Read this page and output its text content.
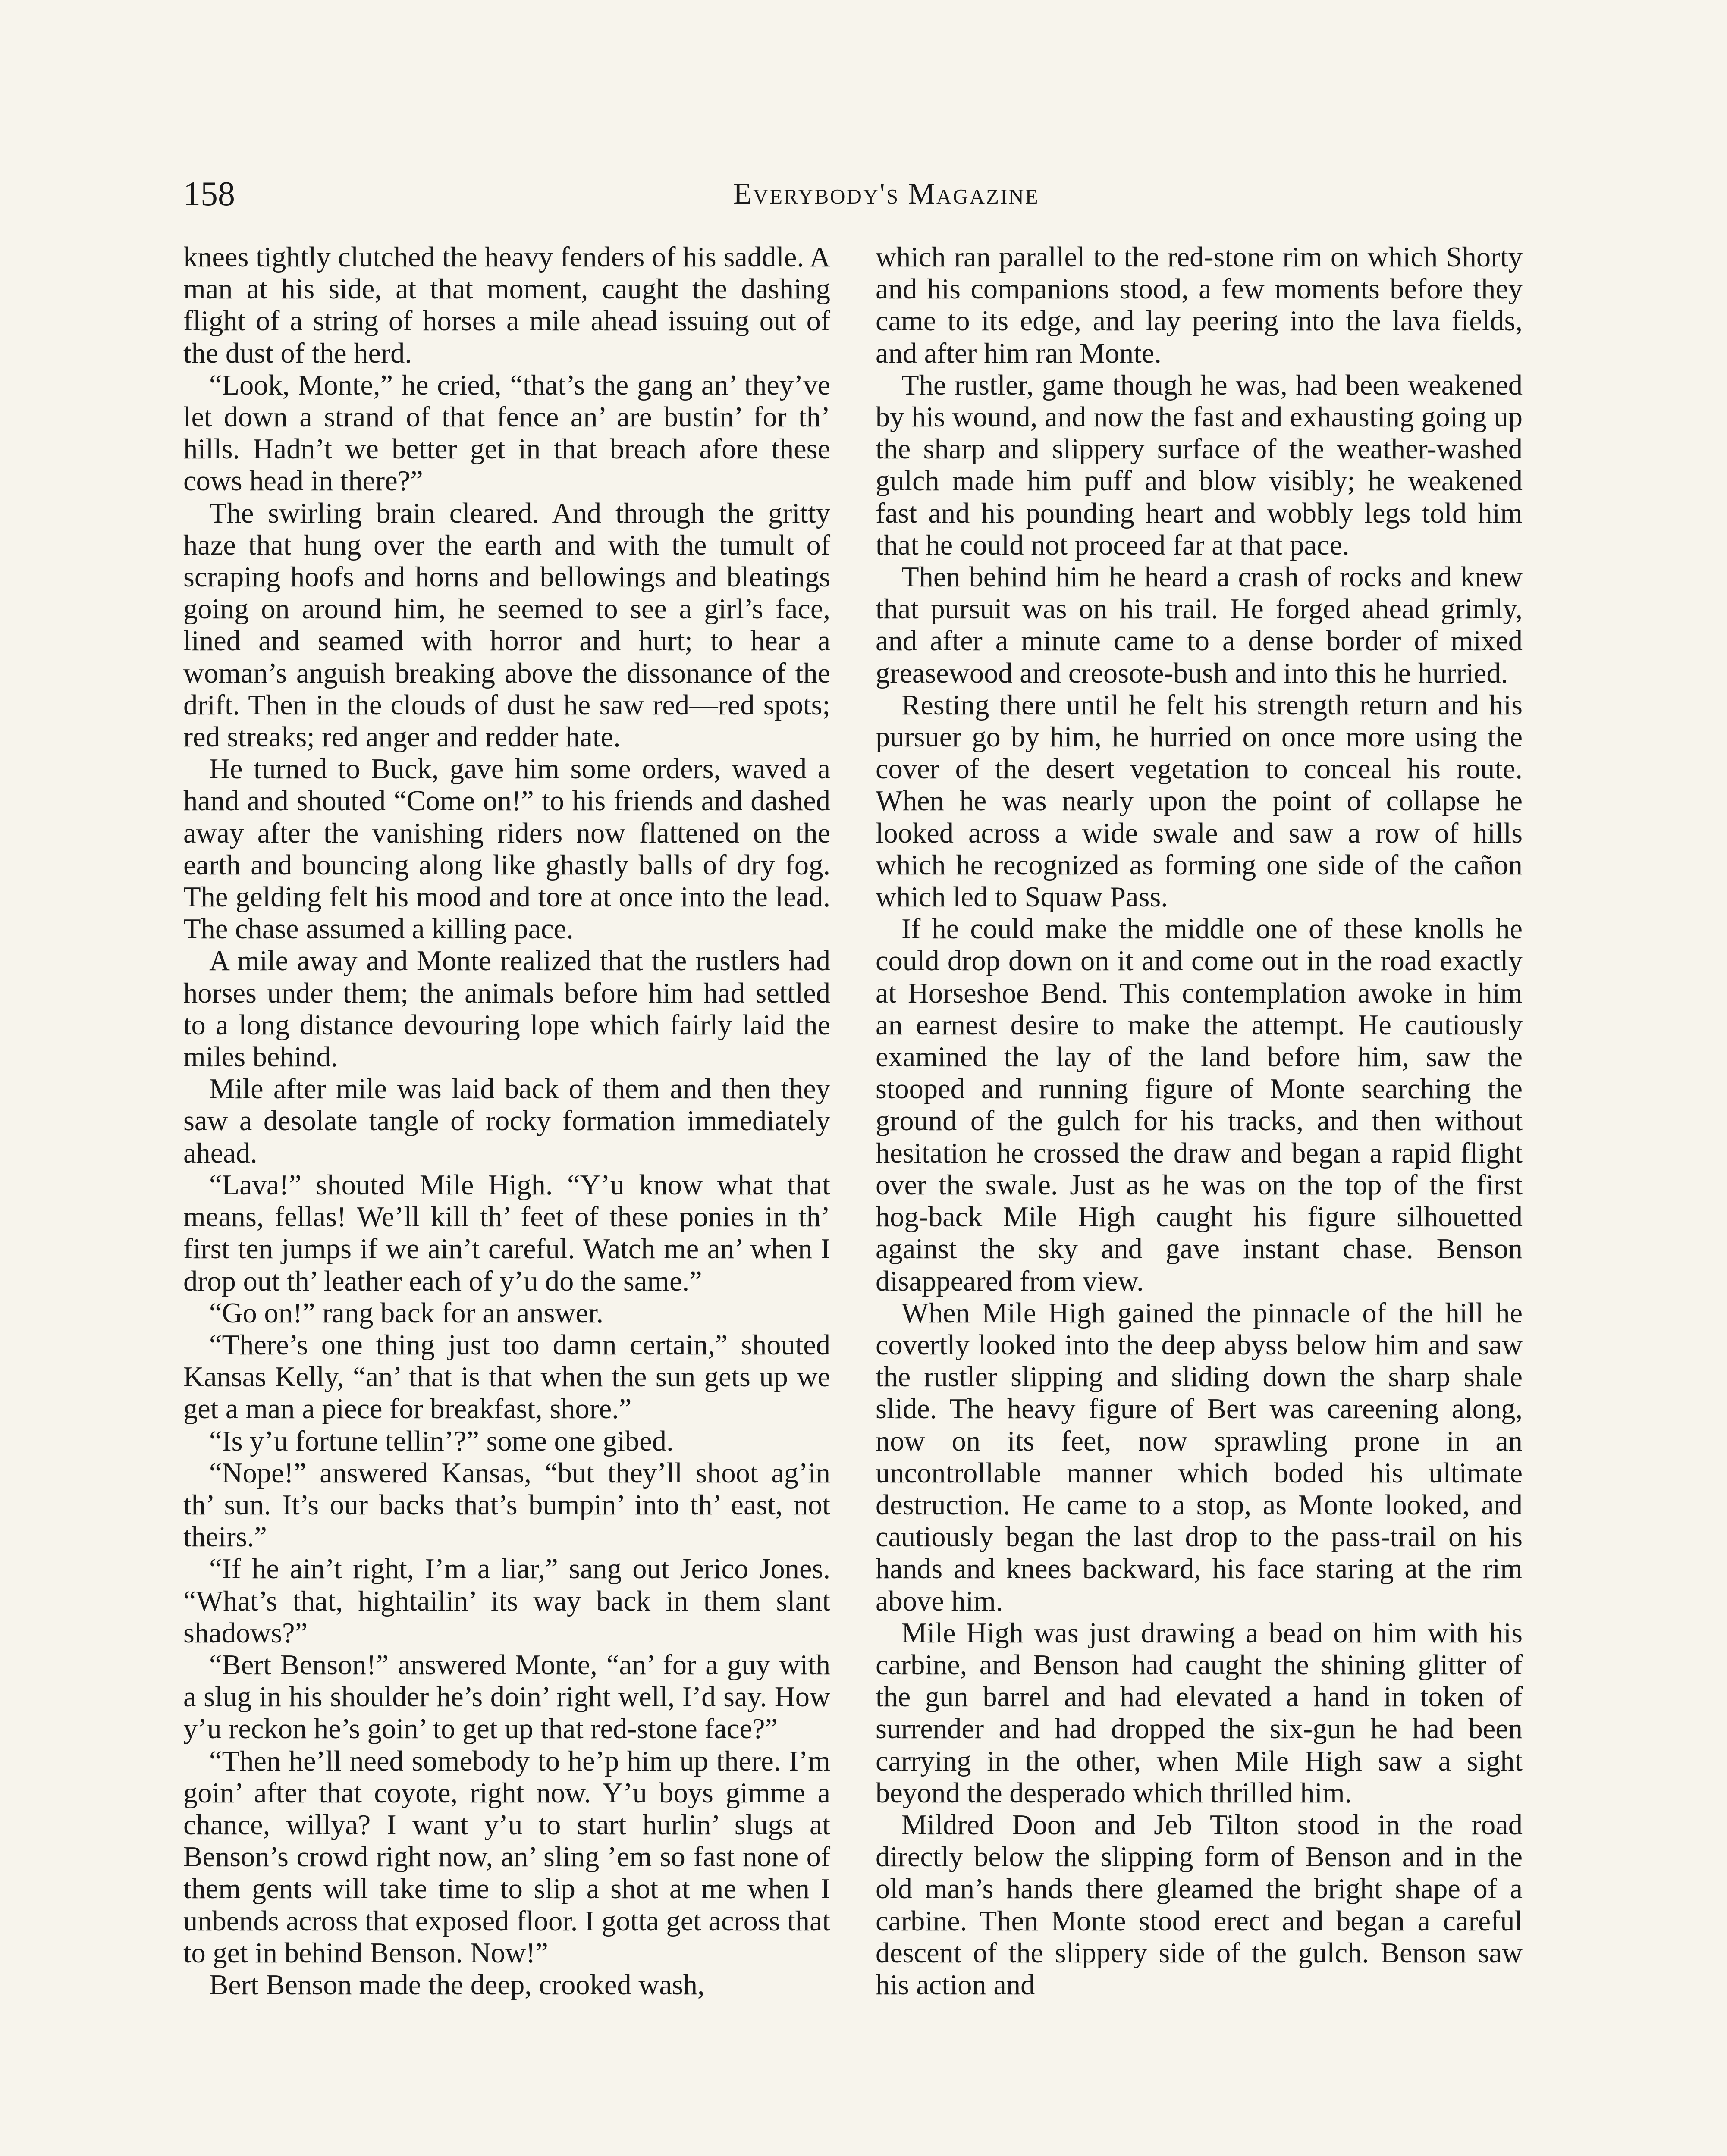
158	Everybody's Magazine

knees tightly clutched the heavy fenders of his saddle. A man at his side, at that moment, caught the dashing flight of a string of horses a mile ahead issuing out of the dust of the herd.

“Look, Monte,” he cried, “that’s the gang an’ they’ve let down a strand of that fence an’ are bustin’ for th’ hills. Hadn’t we better get in that breach afore these cows head in there?”

The swirling brain cleared. And through the gritty haze that hung over the earth and with the tumult of scraping hoofs and horns and bellowings and bleatings going on around him, he seemed to see a girl’s face, lined and seamed with horror and hurt; to hear a woman’s anguish breaking above the dissonance of the drift. Then in the clouds of dust he saw red—red spots; red streaks; red anger and redder hate.

He turned to Buck, gave him some orders, waved a hand and shouted “Come on!” to his friends and dashed away after the vanishing riders now flattened on the earth and bouncing along like ghastly balls of dry fog. The gelding felt his mood and tore at once into the lead. The chase assumed a killing pace.

A mile away and Monte realized that the rustlers had horses under them; the animals before him had settled to a long distance devouring lope which fairly laid the miles behind.

Mile after mile was laid back of them and then they saw a desolate tangle of rocky formation immediately ahead.

“Lava!” shouted Mile High. “Y’u know what that means, fellas! We’ll kill th’ feet of these ponies in th’ first ten jumps if we ain’t careful. Watch me an’ when I drop out th’ leather each of y’u do the same.”

“Go on!” rang back for an answer.

“There’s one thing just too damn certain,” shouted Kansas Kelly, “an’ that is that when the sun gets up we get a man a piece for breakfast, shore.”

“Is y’u fortune tellin’?” some one gibed.

“Nope!” answered Kansas, “but they’ll shoot ag’in th’ sun. It’s our backs that’s bumpin’ into th’ east, not theirs.”

“If he ain’t right, I’m a liar,” sang out Jerico Jones. “What’s that, hightailin’ its way back in them slant shadows?”

“Bert Benson!” answered Monte, “an’ for a guy with a slug in his shoulder he’s doin’ right well, I’d say. How y’u reckon he’s goin’ to get up that red-stone face?”

“Then he’ll need somebody to he’p him up there. I’m goin’ after that coyote, right now. Y’u boys gimme a chance, willya? I want y’u to start hurlin’ slugs at Benson’s crowd right now, an’ sling ’em so fast none of them gents will take time to slip a shot at me when I unbends across that exposed floor. I gotta get across that to get in behind Benson. Now!”

Bert Benson made the deep, crooked wash,

which ran parallel to the red-stone rim on which Shorty and his companions stood, a few moments before they came to its edge, and lay peering into the lava fields, and after him ran Monte.

The rustler, game though he was, had been weakened by his wound, and now the fast and exhausting going up the sharp and slippery surface of the weather-washed gulch made him puff and blow visibly; he weakened fast and his pounding heart and wobbly legs told him that he could not proceed far at that pace.

Then behind him he heard a crash of rocks and knew that pursuit was on his trail. He forged ahead grimly, and after a minute came to a dense border of mixed greasewood and creosote-bush and into this he hurried.

Resting there until he felt his strength return and his pursuer go by him, he hurried on once more using the cover of the desert vegetation to conceal his route. When he was nearly upon the point of collapse he looked across a wide swale and saw a row of hills which he recognized as forming one side of the cañon which led to Squaw Pass.

If he could make the middle one of these knolls he could drop down on it and come out in the road exactly at Horseshoe Bend. This contemplation awoke in him an earnest desire to make the attempt. He cautiously examined the lay of the land before him, saw the stooped and running figure of Monte searching the ground of the gulch for his tracks, and then without hesitation he crossed the draw and began a rapid flight over the swale. Just as he was on the top of the first hog-back Mile High caught his figure silhouetted against the sky and gave instant chase. Benson disappeared from view.

When Mile High gained the pinnacle of the hill he covertly looked into the deep abyss below him and saw the rustler slipping and sliding down the sharp shale slide. The heavy figure of Bert was careening along, now on its feet, now sprawling prone in an uncontrollable manner which boded his ultimate destruction. He came to a stop, as Monte looked, and cautiously began the last drop to the pass-trail on his hands and knees backward, his face staring at the rim above him.

Mile High was just drawing a bead on him with his carbine, and Benson had caught the shining glitter of the gun barrel and had elevated a hand in token of surrender and had dropped the six-gun he had been carrying in the other, when Mile High saw a sight beyond the desperado which thrilled him.

Mildred Doon and Jeb Tilton stood in the road directly below the slipping form of Benson and in the old man’s hands there gleamed the bright shape of a carbine. Then Monte stood erect and began a careful descent of the slippery side of the gulch. Benson saw his action and
